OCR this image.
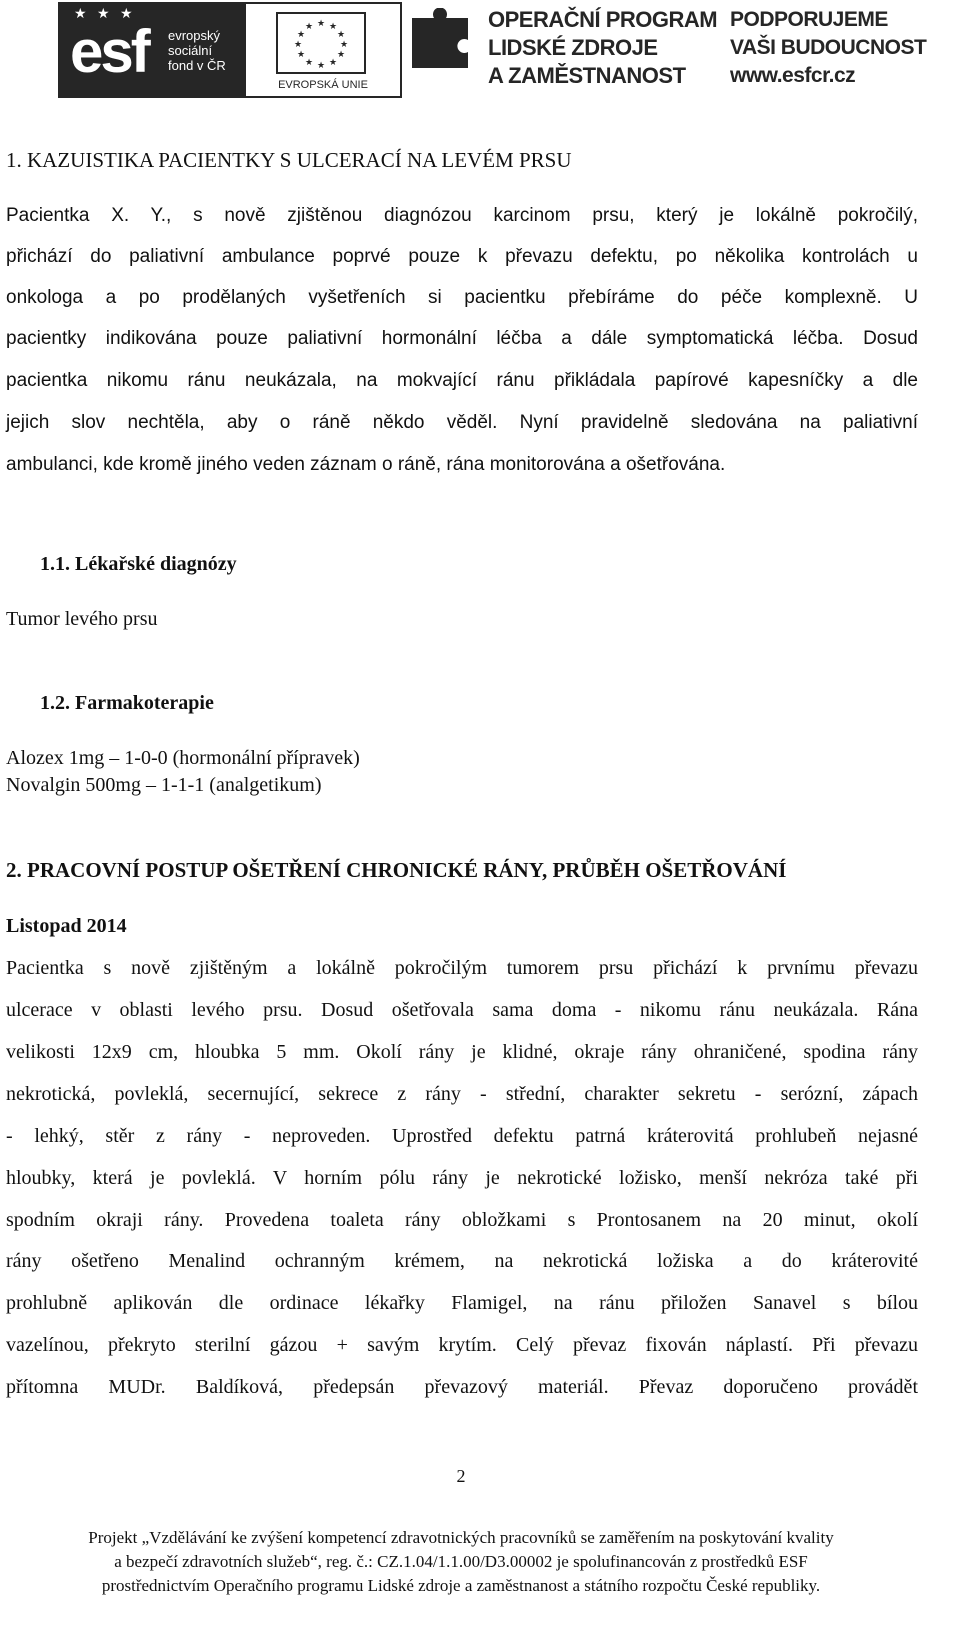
★ ★ ★
esf evropský
sociální
fond v ČR
★ ★
★
★
★
★
★
★
★
★
★
★
EVROPSKÁ UNIE
OPERAČNÍ PROGRAM
LIDSKÉ ZDROJE
A ZAMĚSTNANOST
PODPORUJEME
VAŠI BUDOUCNOST
www.esfcr.cz
1. KAZUISTIKA PACIENTKY S ULCERACÍ NA LEVÉM PRSU
Pacientka X. Y., s nově zjištěnou diagnózou karcinom prsu, který je lokálně pokročilý,
přichází do paliativní ambulance poprvé pouze k převazu defektu, po několika kontrolách u
onkologa a po prodělaných vyšetřeních si pacientku přebíráme do péče komplexně. U
pacientky indikována pouze paliativní hormonální léčba a dále symptomatická léčba. Dosud
pacientka nikomu ránu neukázala, na mokvající ránu přikládala papírové kapesníčky a dle
jejich slov nechtěla, aby o ráně někdo věděl. Nyní pravidelně sledována na paliativní
ambulanci, kde kromě jiného veden záznam o ráně, rána monitorována a ošetřována.
1.1. Lékařské diagnózy
Tumor levého prsu
1.2. Farmakoterapie
Alozex 1mg – 1-0-0 (hormonální přípravek)
Novalgin 500mg – 1-1-1 (analgetikum)
2. PRACOVNÍ POSTUP OŠETŘENÍ CHRONICKÉ RÁNY, PRŮBĚH OŠETŘOVÁNÍ
Listopad 2014
Pacientka s nově zjištěným a lokálně pokročilým tumorem prsu přichází k prvnímu převazu
ulcerace v oblasti levého prsu. Dosud ošetřovala sama doma - nikomu ránu neukázala. Rána
velikosti 12x9 cm, hloubka 5 mm. Okolí rány je klidné, okraje rány ohraničené, spodina rány
nekrotická, povleklá, secernující, sekrece z rány - střední, charakter sekretu - serózní, zápach
- lehký, stěr z rány - neproveden. Uprostřed defektu patrná kráterovitá prohlubeň nejasné
hloubky, která je povleklá. V horním pólu rány je nekrotické ložisko, menší nekróza také při
spodním okraji rány. Provedena toaleta rány obložkami s Prontosanem na 20 minut, okolí
rány ošetřeno Menalind ochranným krémem, na nekrotická ložiska a do kráterovité
prohlubně aplikován dle ordinace lékařky Flamigel, na ránu přiložen Sanavel s bílou
vazelínou, překryto sterilní gázou + savým krytím. Celý převaz fixován náplastí. Při převazu
přítomna MUDr. Baldíková, předepsán převazový materiál. Převaz doporučeno provádět
2
Projekt „Vzdělávání ke zvýšení kompetencí zdravotnických pracovníků se zaměřením na poskytování kvality
a bezpečí zdravotních služeb“, reg. č.: CZ.1.04/1.1.00/D3.00002 je spolufinancován z prostředků ESF
prostřednictvím Operačního programu Lidské zdroje a zaměstnanost a státního rozpočtu České republiky.
